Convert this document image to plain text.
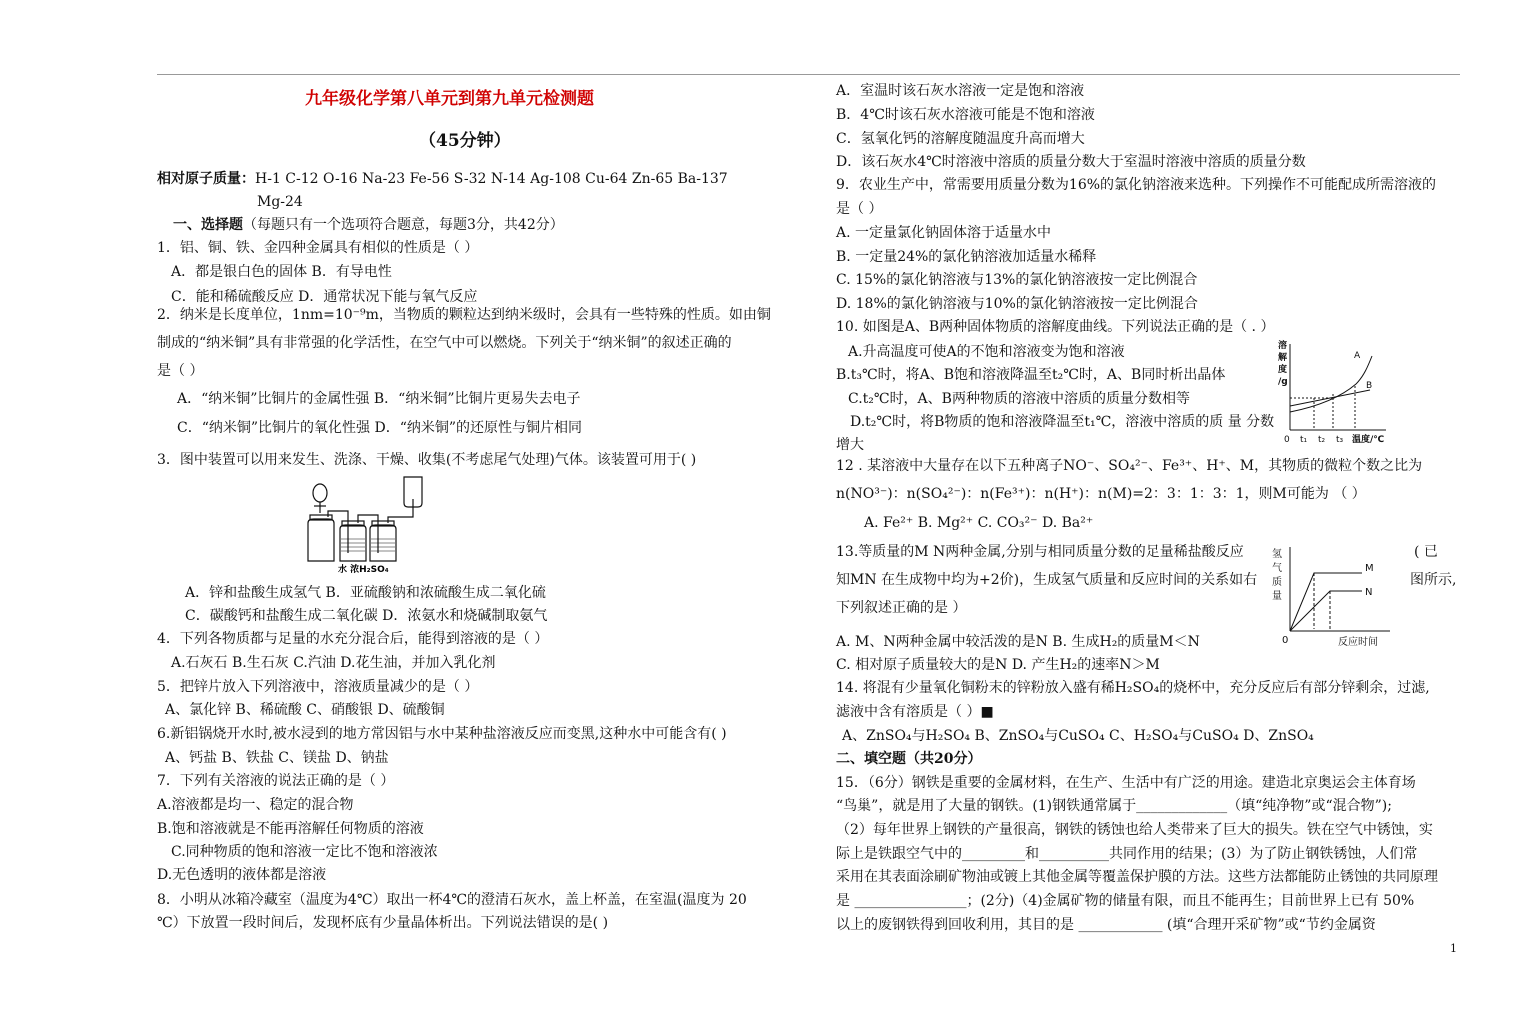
九年级化学第八单元到第九单元检测题
（45分钟）
相对原子质量：H-1 C-12 O-16 Na-23 Fe-56 S-32 N-14 Ag-108 Cu-64 Zn-65 Ba-137
Mg-24
一、选择题（每题只有一个选项符合题意，每题3分，共42分）
1．铝、铜、铁、金四种金属具有相似的性质是（ ）
A．都是银白色的固体 B．有导电性
C．能和稀硫酸反应 D．通常状况下能与氧气反应
2．纳米是长度单位，1nm=10⁻⁹m，当物质的颗粒达到纳米级时，会具有一些特殊的性质。如由铜
制成的“纳米铜”具有非常强的化学活性，在空气中可以燃烧。下列关于“纳米铜”的叙述正确的
是（ ）
A．“纳米铜”比铜片的金属性强 B．“纳米铜”比铜片更易失去电子
C．“纳米铜”比铜片的氧化性强 D．“纳米铜”的还原性与铜片相同
3．图中装置可以用来发生、洗涤、干燥、收集(不考虑尾气处理)气体。该装置可用于( )
水 浓H₂SO₄
A．锌和盐酸生成氢气 B．亚硫酸钠和浓硫酸生成二氧化硫
C．碳酸钙和盐酸生成二氧化碳 D．浓氨水和烧碱制取氨气
4．下列各物质都与足量的水充分混合后，能得到溶液的是（ ）
A.石灰石 B.生石灰 C.汽油 D.花生油，并加入乳化剂
5．把锌片放入下列溶液中，溶液质量减少的是（ ）
A、氯化锌 B、稀硫酸 C、硝酸银 D、硫酸铜
6.新铝锅烧开水时,被水浸到的地方常因铝与水中某种盐溶液反应而变黑,这种水中可能含有( )
A、钙盐 B、铁盐 C、镁盐 D、钠盐
7．下列有关溶液的说法正确的是（ ）
A.溶液都是均一、稳定的混合物
B.饱和溶液就是不能再溶解任何物质的溶液
C.同种物质的饱和溶液一定比不饱和溶液浓
D.无色透明的液体都是溶液
8．小明从冰箱冷藏室（温度为4℃）取出一杯4℃的澄清石灰水，盖上杯盖，在室温(温度为 20
℃）下放置一段时间后，发现杯底有少量晶体析出。下列说法错误的是( )
A．室温时该石灰水溶液一定是饱和溶液
B．4℃时该石灰水溶液可能是不饱和溶液
C．氢氧化钙的溶解度随温度升高而增大
D．该石灰水4℃时溶液中溶质的质量分数大于室温时溶液中溶质的质量分数
9．农业生产中，常需要用质量分数为16%的氯化钠溶液来选种。下列操作不可能配成所需溶液的
是（ ）
A. 一定量氯化钠固体溶于适量水中
B. 一定量24%的氯化钠溶液加适量水稀释
C. 15%的氯化钠溶液与13%的氯化钠溶液按一定比例混合
D. 18%的氯化钠溶液与10%的氯化钠溶液按一定比例混合
10. 如图是A、B两种固体物质的溶解度曲线。下列说法正确的是（ . ）
A.升高温度可使A的不饱和溶液变为饱和溶液
B.t₃℃时，将A、B饱和溶液降温至t₂℃时，A、B同时析出晶体
C.t₂℃时，A、B两种物质的溶液中溶质的质量分数相等
D.t₂℃时，将B物质的饱和溶液降温至t₁℃，溶液中溶质的质 量 分数
增大
12 . 某溶液中大量存在以下五种离子NO⁻、SO₄²⁻、Fe³⁺、H⁺、M，其物质的微粒个数之比为
n(NO³⁻)：n(SO₄²⁻)：n(Fe³⁺)：n(H⁺)：n(M)=2：3：1：3：1，则M可能为 （ ）
A. Fe²⁺ B. Mg²⁺ C. CO₃²⁻ D. Ba²⁺
13.等质量的M N两种金属,分别与相同质量分数的足量稀盐酸反应	( 已
知MN 在生成物中均为+2价)，生成氢气质量和反应时间的关系如右	图所示,
下列叙述正确的是 ）
A. M、N两种金属中较活泼的是N B. 生成H₂的质量M＜N
C. 相对原子质量较大的是N D. 产生H₂的速率N＞M
14. 将混有少量氧化铜粉末的锌粉放入盛有稀H₂SO₄的烧杯中，充分反应后有部分锌剩余，过滤,
滤液中含有溶质是（ ）■
A、ZnSO₄与H₂SO₄ B、ZnSO₄与CuSO₄ C、H₂SO₄与CuSO₄ D、ZnSO₄
二、填空题（共20分）
15．（6分）钢铁是重要的金属材料，在生产、生活中有广泛的用途。建造北京奥运会主体育场
“鸟巢”，就是用了大量的钢铁。(1)钢铁通常属于_____________（填“纯净物”或“混合物”);
（2）每年世界上钢铁的产量很高，钢铁的锈蚀也给人类带来了巨大的损失。铁在空气中锈蚀，实
际上是铁跟空气中的_________和__________共同作用的结果；(3）为了防止钢铁锈蚀，人们常
采用在其表面涂刷矿物油或镀上其他金属等覆盖保护膜的方法。这些方法都能防止锈蚀的共同原理
是 ________________；(2分)（4)金属矿物的储量有限，而且不能再生；目前世界上已有 50%
以上的废钢铁得到回收利用，其目的是 ____________ (填“合理开采矿物”或“节约金属资
溶
解
度
/g
A
B
0 t₁ t₂ t₃ 温度/℃
氢
气
质
量
M
N
0	反应时间
1
